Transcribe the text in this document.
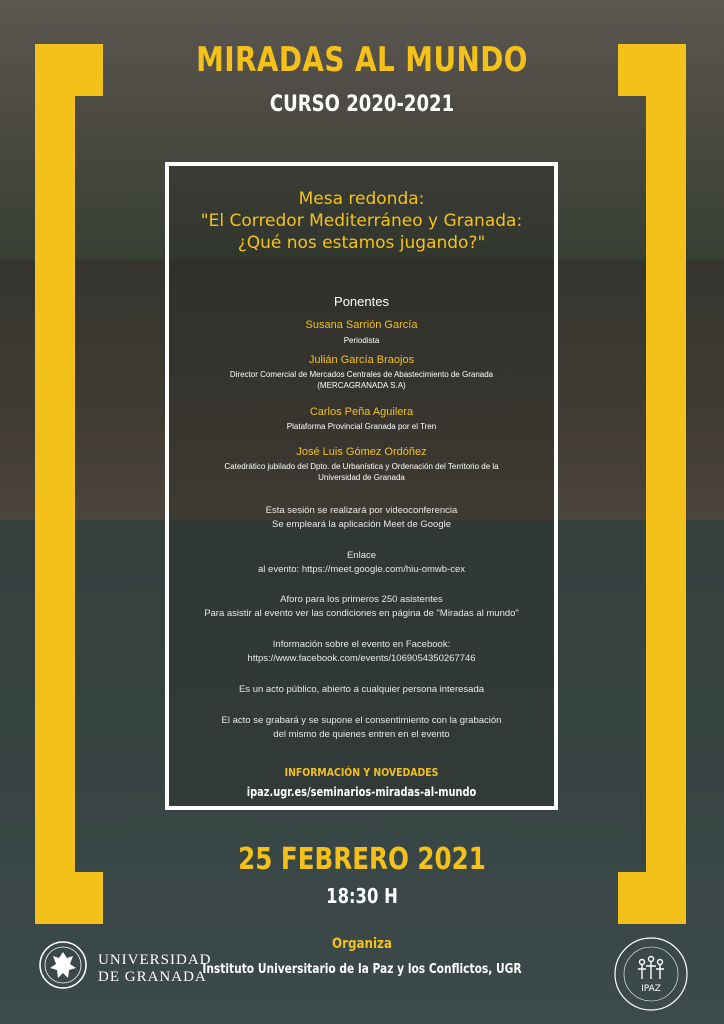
MIRADAS AL MUNDO
CURSO 2020-2021
Mesa redonda:
"El Corredor Mediterráneo y Granada:
¿Qué nos estamos jugando?"
Ponentes
Susana Sarrión García
Periodista
Julián García Braojos
Director Comercial de Mercados Centrales de Abastecimiento de Granada
(MERCAGRANADA S.A)
Carlos Peña Aguilera
Plataforma Provincial Granada por el Tren
José Luis Gómez Ordóñez
Catedrático jubilado del Dpto. de Urbanística y Ordenación del Territorio de la
Universidad de Granada
Esta sesión se realizará por videoconferencia
Se empleará la aplicación Meet de Google
Enlace
al evento: https://meet.google.com/hiu-omwb-cex
Aforo para los primeros 250 asistentes
Para asistir al evento ver las condiciones en página de "Miradas al mundo"
Información sobre el evento en Facebook:
https://www.facebook.com/events/1069054350267746
Es un acto público, abierto a cualquier persona interesada
El acto se grabará y se supone el consentimiento con la grabación
del mismo de quienes entren en el evento
INFORMACIÓN Y NOVEDADES
ipaz.ugr.es/seminarios-miradas-al-mundo
25 FEBRERO 2021
18:30 H
UNIVERSIDAD
DE GRANADA
Organiza
Instituto Universitario de la Paz y los Conflictos, UGR
IPAZ
